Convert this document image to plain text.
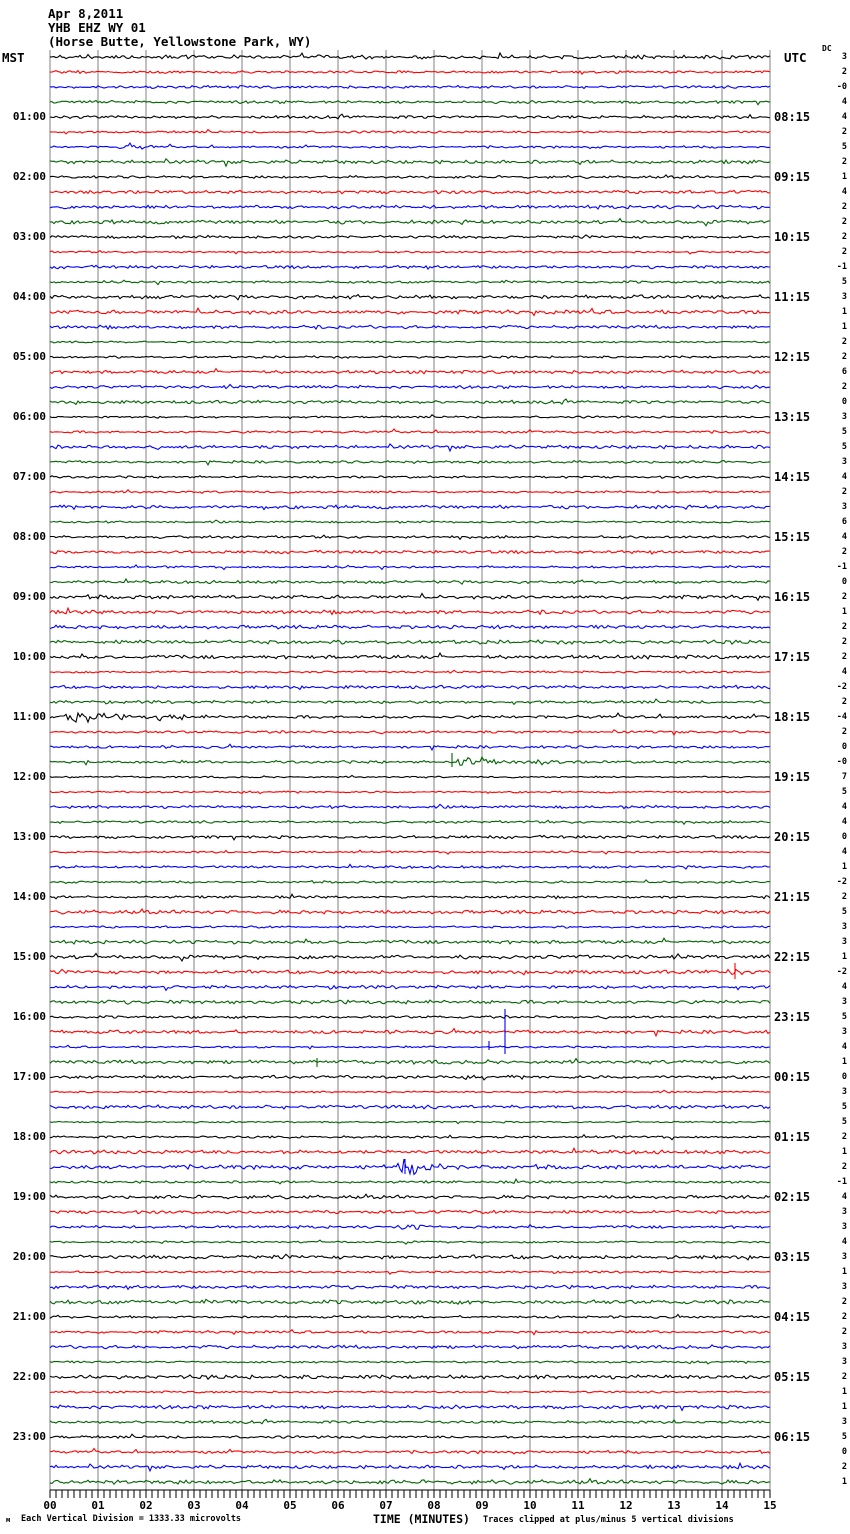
Apr 8,2011
YHB EHZ WY 01
(Horse Butte, Yellowstone Park, WY)
MST	UTC
DC
01:00
02:00
03:00
04:00
05:00
06:00
07:00
08:00
09:00
10:00
11:00
12:00
13:00
14:00
15:00
16:00
17:00
18:00
19:00
20:00
21:00
22:00
23:00
08:15
09:15
10:15
11:15
12:15
13:15
14:15
15:15
16:15
17:15
18:15
19:15
20:15
21:15
22:15
23:15
00:15
01:15
02:15
03:15
04:15
05:15
06:15
3
2
-0
4
4
2
5
2
1
4
2
2
2
2
-1
5
3
1
1
2
2
6
2
0
3
5
5
3
4
2
3
6
4
2
-1
0
2
1
2
2
2
4
-2
2
-4
2
0
-0
7
5
4
4
0
4
1
-2
2
5
3
3
1
-2
4
3
5
3
4
1
0
3
5
5
2
1
2
-1
4
3
3
4
3
1
3
2
2
2
3
3
2
1
1
3
5
0
2
1
00	01	02	03	04	05	06	07	08	09	10	11	12	13	14	15
м Each Vertical Division = 1333.33 microvolts	TIME (MINUTES) Traces clipped at plus/minus 5 vertical divisions
